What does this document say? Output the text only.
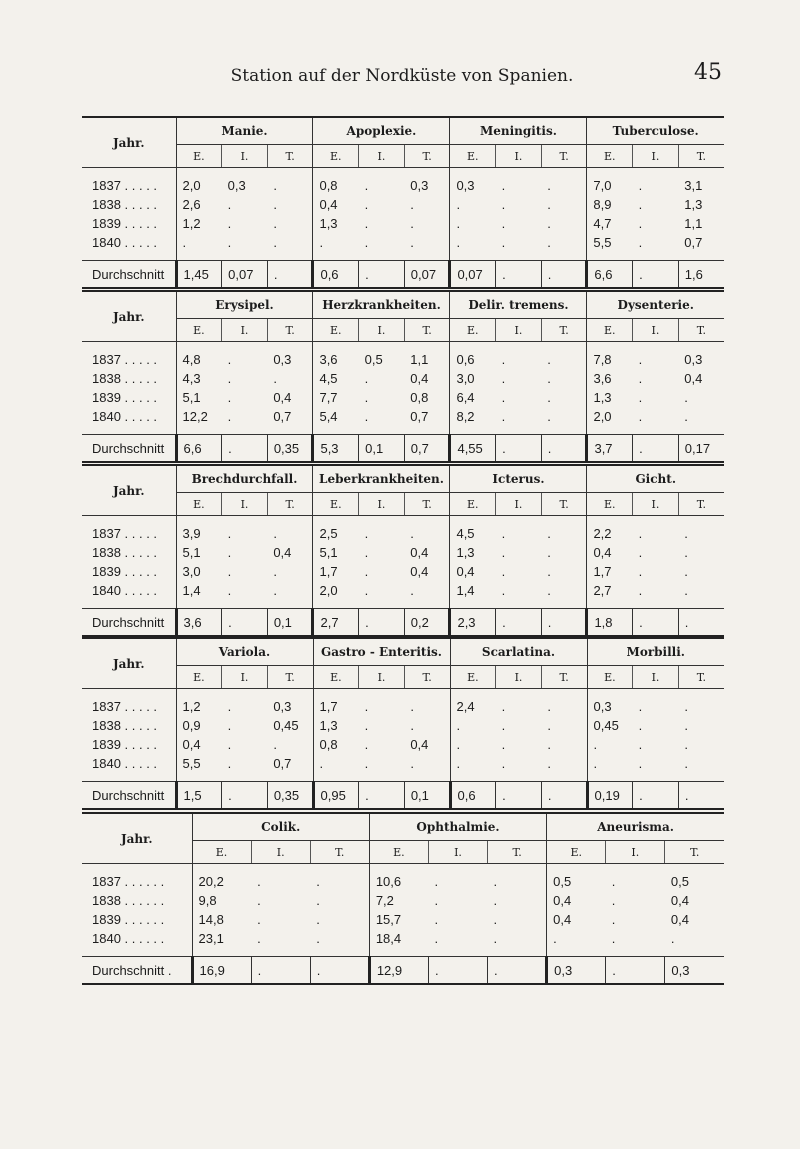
Station auf der Nordküste von Spanien.	45
Jahr.	Manie.			Apoplexie.			Meningitis.			Tuberculose.		
	E.	I.	T.	E.	I.	T.	E.	I.	T.	E.	I.	T.
1837 . . . . .	2,0	0,3	.	0,8	.	0,3	0,3	.	.	7,0	.	3,1
1838 . . . . .	2,6	.	.	0,4	.	.	.	.	.	8,9	.	1,3
1839 . . . . .	1,2	.	.	1,3	.	.	.	.	.	4,7	.	1,1
1840 . . . . .	.	.	.	.	.	.	.	.	.	5,5	.	0,7
Durchschnitt	1,45	0,07	.	0,6	.	0,07	0,07	.	.	6,6	.	1,6
Jahr.	Erysipel.			Herzkrankheiten.			Delir. tremens.			Dysenterie.		
	E.	I.	T.	E.	I.	T.	E.	I.	T.	E.	I.	T.
1837 . . . . .	4,8	.	0,3	3,6	0,5	1,1	0,6	.	.	7,8	.	0,3
1838 . . . . .	4,3	.	.	4,5	.	0,4	3,0	.	.	3,6	.	0,4
1839 . . . . .	5,1	.	0,4	7,7	.	0,8	6,4	.	.	1,3	.	.
1840 . . . . .	12,2	.	0,7	5,4	.	0,7	8,2	.	.	2,0	.	.
Durchschnitt	6,6	.	0,35	5,3	0,1	0,7	4,55	.	.	3,7	.	0,17
Jahr.	Brechdurchfall.			Leberkrankheiten.			Icterus.			Gicht.		
	E.	I.	T.	E.	I.	T.	E.	I.	T.	E.	I.	T.
1837 . . . . .	3,9	.	.	2,5	.	.	4,5	.	.	2,2	.	.
1838 . . . . .	5,1	.	0,4	5,1	.	0,4	1,3	.	.	0,4	.	.
1839 . . . . .	3,0	.	.	1,7	.	0,4	0,4	.	.	1,7	.	.
1840 . . . . .	1,4	.	.	2,0	.	.	1,4	.	.	2,7	.	.
Durchschnitt	3,6	.	0,1	2,7	.	0,2	2,3	.	.	1,8	.	.
Jahr.	Variola.			Gastro - Enteritis.			Scarlatina.			Morbilli.		
	E.	I.	T.	E.	I.	T.	E.	I.	T.	E.	I.	T.
1837 . . . . .	1,2	.	0,3	1,7	.	.	2,4	.	.	0,3	.	.
1838 . . . . .	0,9	.	0,45	1,3	.	.	.	.	.	0,45	.	.
1839 . . . . .	0,4	.	.	0,8	.	0,4	.	.	.	.	.	.
1840 . . . . .	5,5	.	0,7	.	.	.	.	.	.	.	.	.
Durchschnitt	1,5	.	0,35	0,95	.	0,1	0,6	.	.	0,19	.	.
Jahr.	Colik.			Ophthalmie.			Aneurisma.		
	E.	I.	T.	E.	I.	T.	E.	I.	T.
1837 . . . . . .	20,2	.	.	10,6	.	.	0,5	.	0,5
1838 . . . . . .	9,8	.	.	7,2	.	.	0,4	.	0,4
1839 . . . . . .	14,8	.	.	15,7	.	.	0,4	.	0,4
1840 . . . . . .	23,1	.	.	18,4	.	.	.	.	.
Durchschnitt .	16,9	.	.	12,9	.	.	0,3	.	0,3
